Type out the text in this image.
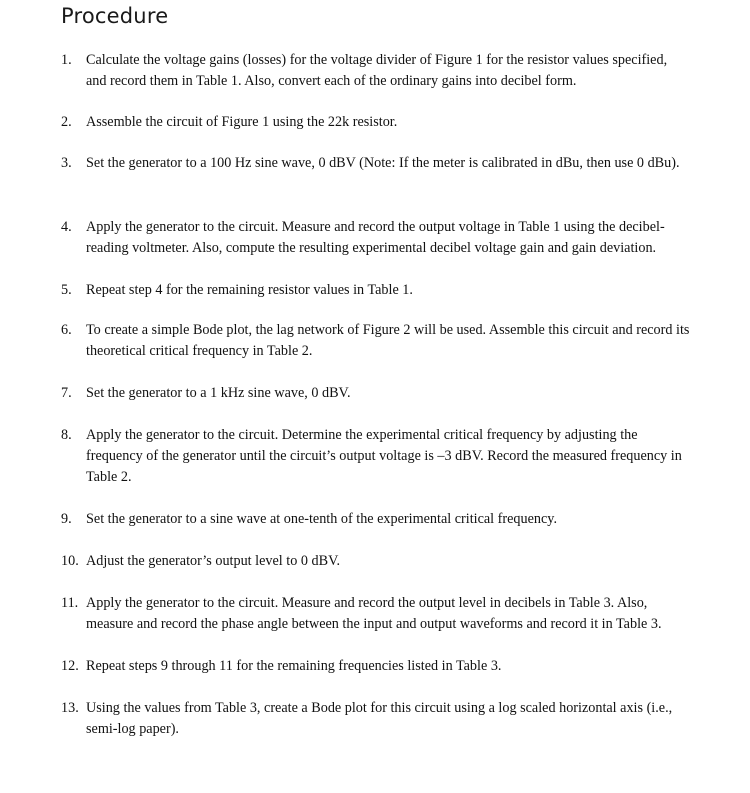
Procedure
1.	Calculate the voltage gains (losses) for the voltage divider of Figure 1 for the resistor values specified, and record them in Table 1. Also, convert each of the ordinary gains into decibel form.
2.	Assemble the circuit of Figure 1 using the 22k resistor.
3.	Set the generator to a 100 Hz sine wave, 0 dBV (Note: If the meter is calibrated in dBu, then use 0 dBu).
4.	Apply the generator to the circuit. Measure and record the output voltage in Table 1 using the decibel-reading voltmeter. Also, compute the resulting experimental decibel voltage gain and gain deviation.
5.	Repeat step 4 for the remaining resistor values in Table 1.
6.	To create a simple Bode plot, the lag network of Figure 2 will be used. Assemble this circuit and record its theoretical critical frequency in Table 2.
7.	Set the generator to a 1 kHz sine wave, 0 dBV.
8.	Apply the generator to the circuit. Determine the experimental critical frequency by adjusting the frequency of the generator until the circuit’s output voltage is –3 dBV. Record the measured frequency in Table 2.
9.	Set the generator to a sine wave at one-tenth of the experimental critical frequency.
10. Adjust the generator’s output level to 0 dBV.
11. Apply the generator to the circuit. Measure and record the output level in decibels in Table 3. Also, measure and record the phase angle between the input and output waveforms and record it in Table 3.
12. Repeat steps 9 through 11 for the remaining frequencies listed in Table 3.
13. Using the values from Table 3, create a Bode plot for this circuit using a log scaled horizontal axis (i.e., semi-log paper).
